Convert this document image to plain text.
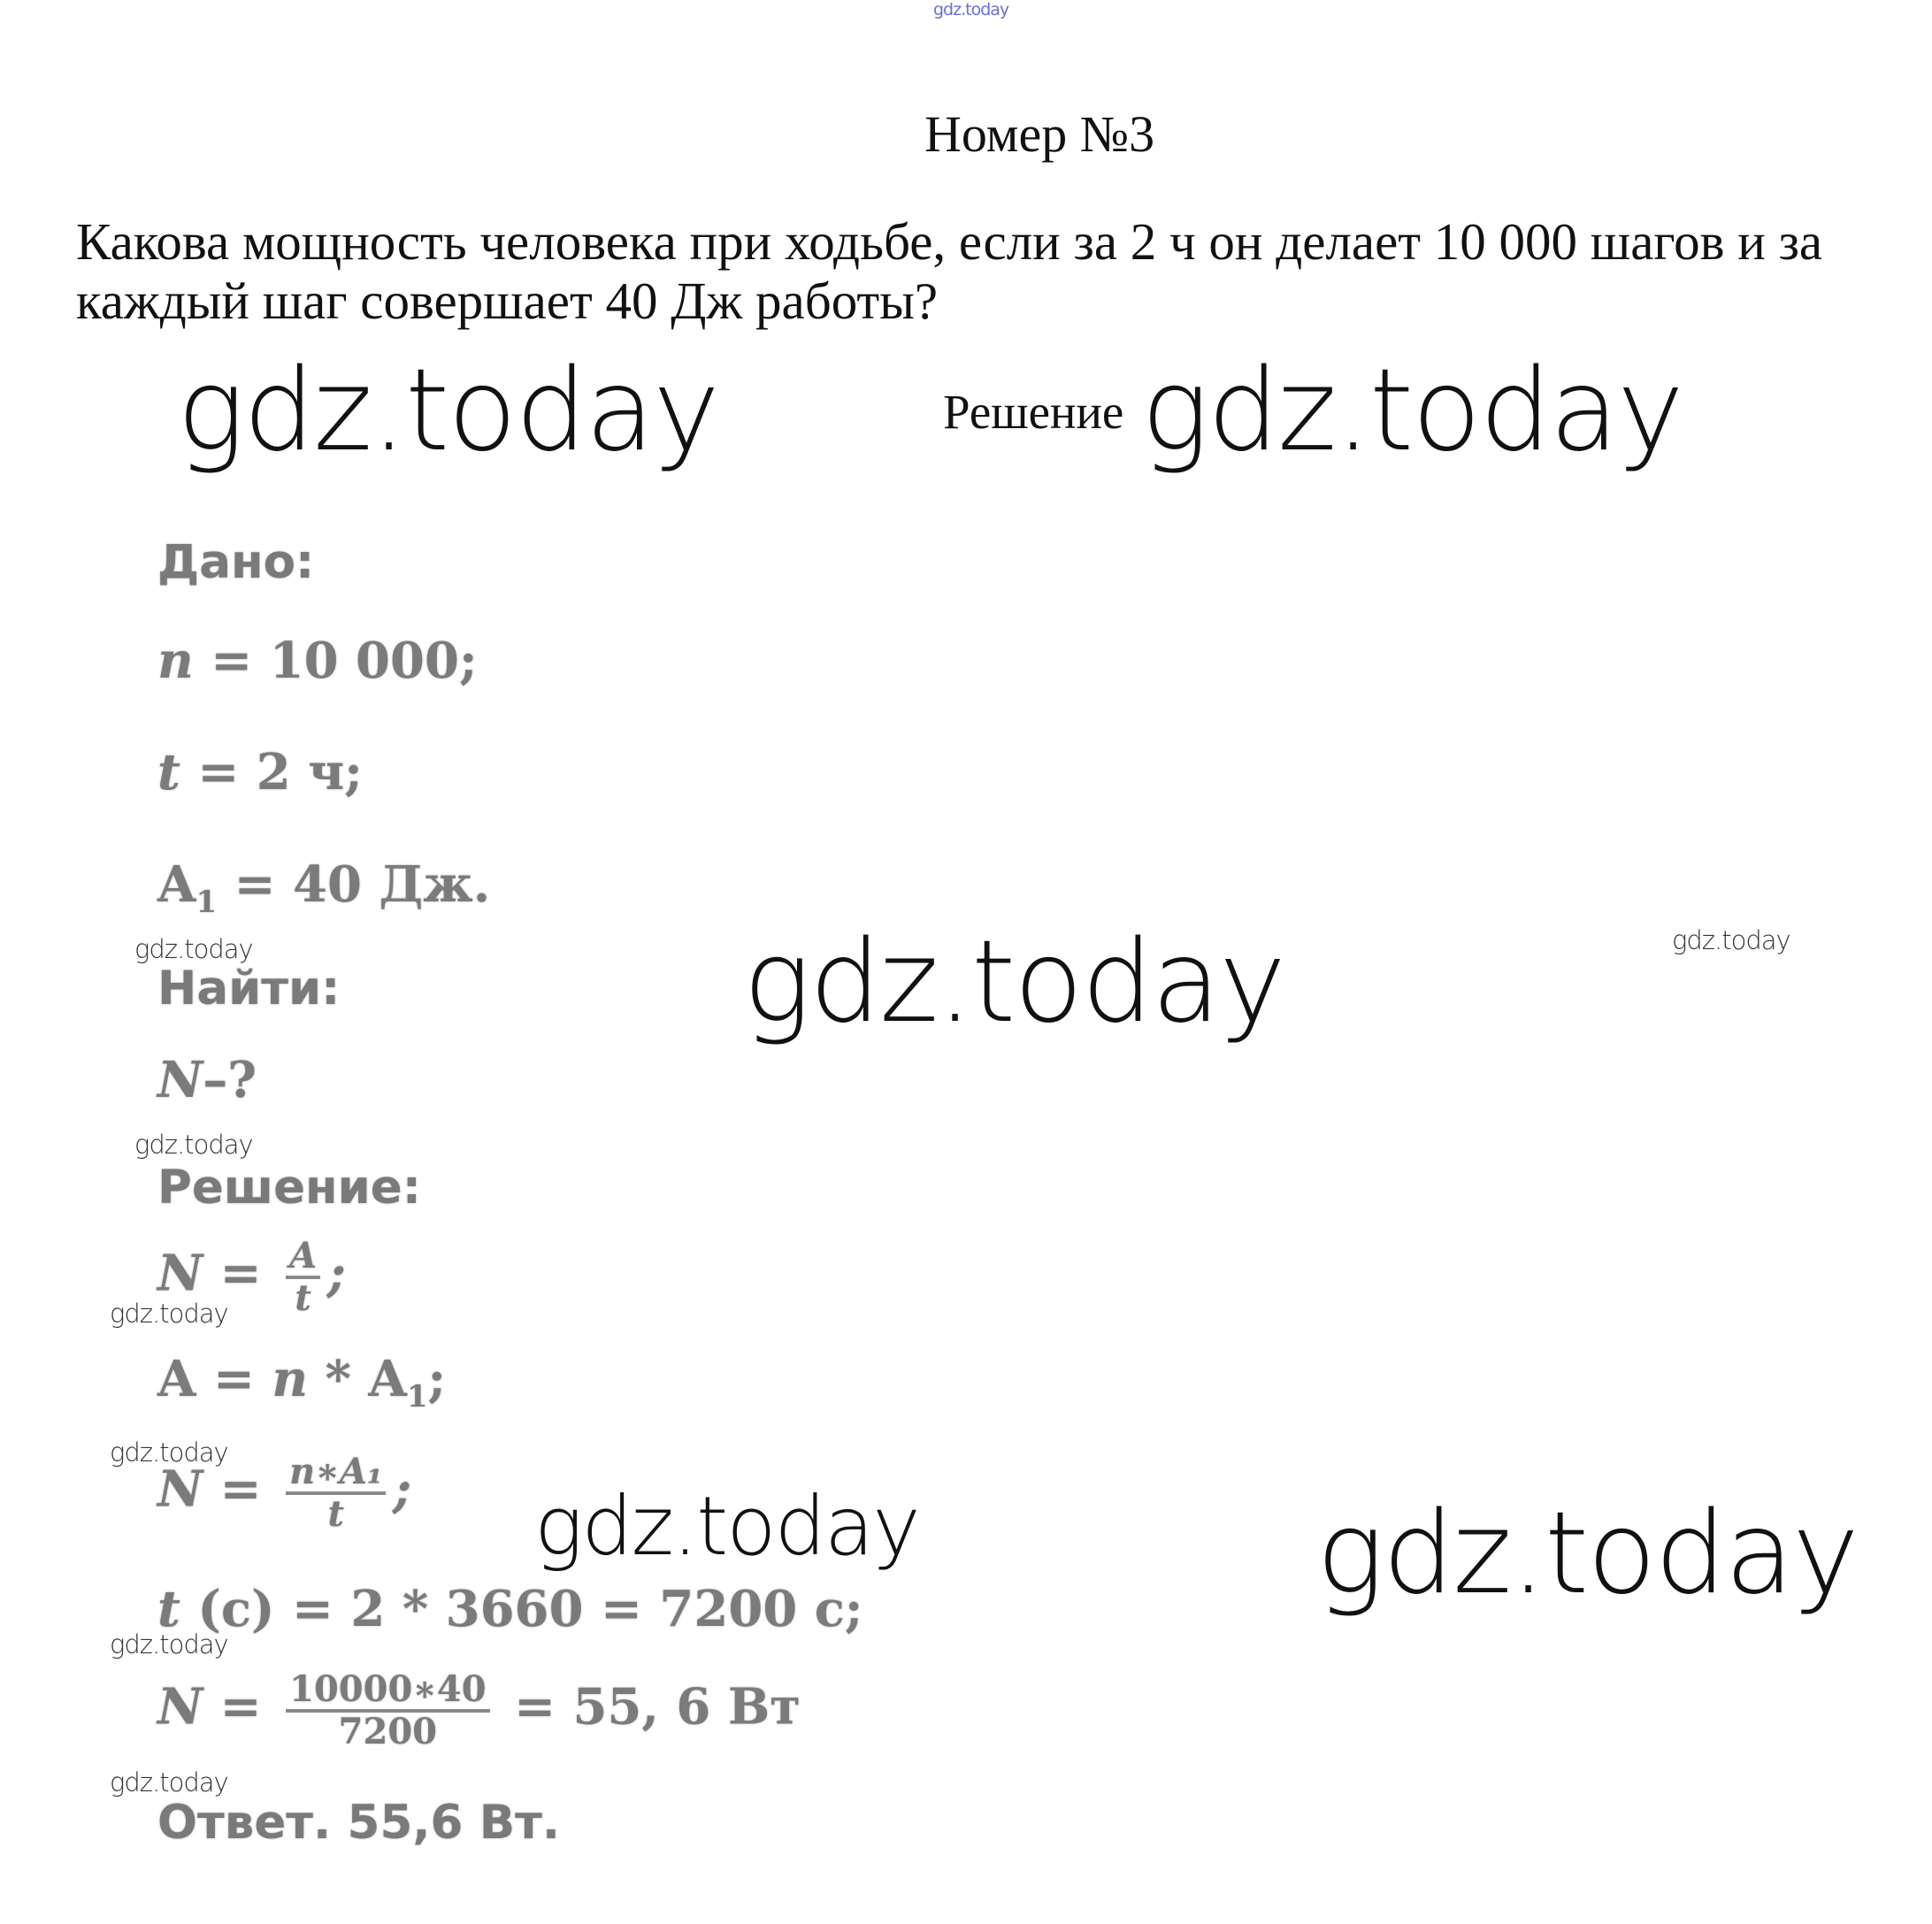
gdz.today
Номер №3
Какова мощность человека при ходьбе, если за 2 ч он делает 10 000 шагов и за
каждый шаг совершает 40 Дж работы?
Решение
gdz.today	gdz.today
gdz.today
gdz.today
gdz.today
gdz.today	gdz.today
gdz.today
gdz.today
gdz.today
gdz.today
gdz.today
Дано:
n = 10 000;
t = 2 ч;
$A_1 = 40$ Дж.
Найти:
N–?
Решение:
$N = \frac{A}{t}$ ;
$A = n * A_1$;
$N = \frac{\text{n∗A₁}}{t}$ ;
t (c) = 2 * 3660 = 7200 с;
$N = \frac{10000∗40}{7200} = 55$, 6 Вт
Ответ. 55,6 Вт.
